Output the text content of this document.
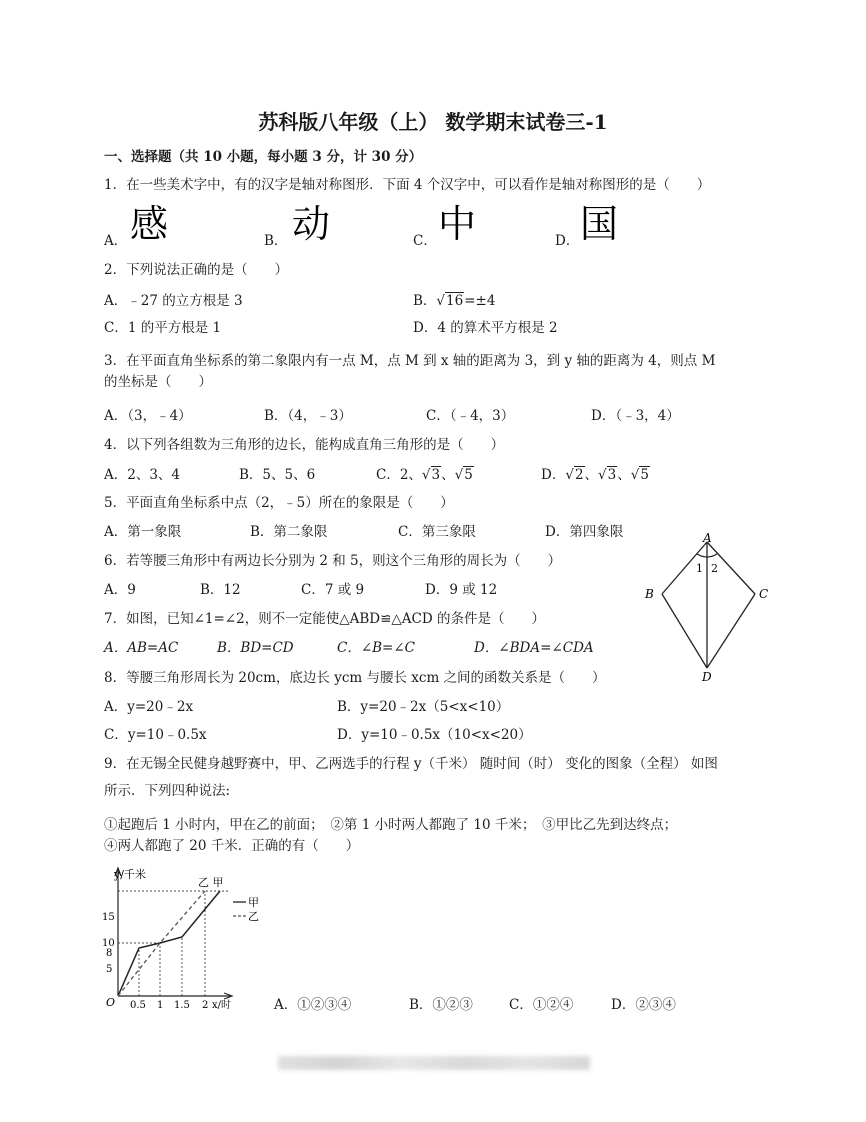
苏科版八年级（上） 数学期末试卷三-1
一、选择题（共 10 小题，每小题 3 分，计 30 分）
1．在一些美术字中，有的汉字是轴对称图形．下面 4 个汉字中，可以看作是轴对称图形的是（　　）
A． 感	B． 动	C． 中	D． 国
2．下列说法正确的是（　　）
A．﹣27 的立方根是 3	B．√16=±4
C．1 的平方根是 1	D．4 的算术平方根是 2
3．在平面直角坐标系的第二象限内有一点 M，点 M 到 x 轴的距离为 3，到 y 轴的距离为 4，则点 M
的坐标是（　　）
A．（3，﹣4）	B．（4，﹣3）	C．（﹣4，3）	D．（﹣3，4）
4．以下列各组数为三角形的边长，能构成直角三角形的是（　　）
A．2、3、4	B．5、5、6	C．2、√3、√5	D．√2、√3、√5
5．平面直角坐标系中点（2，﹣5）所在的象限是（　　）
A．第一象限	B．第二象限	C．第三象限	D．第四象限
6．若等腰三角形中有两边长分别为 2 和 5，则这个三角形的周长为（　　）
A．9	B．12	C．7 或 9	D．9 或 12
A
B	C
D
1 2
7．如图，已知∠1=∠2，则不一定能使△ABD≌△ACD 的条件是（　　）
A．AB=AC	B．BD=CD	C．∠B=∠C	D．∠BDA=∠CDA
8．等腰三角形周长为 20cm，底边长 ycm 与腰长 xcm 之间的函数关系是（　　）
A．y=20﹣2x	B．y=20﹣2x（5<x<10）
C．y=10﹣0.5x	D．y=10﹣0.5x（10<x<20）
9．在无锡全民健身越野赛中，甲、乙两选手的行程 y（千米） 随时间（时） 变化的图象（全程） 如图
所示．下列四种说法:
①起跑后 1 小时内，甲在乙的前面；　②第 1 小时两人都跑了 10 千米；　③甲比乙先到达终点；
④两人都跑了 20 千米．正确的有（　　）
y/千米
15
10
8
5
O 0.5 1 1.5 2 x/时
乙 甲
甲
乙
A．①②③④	B．①②③	C．①②④	D．②③④
